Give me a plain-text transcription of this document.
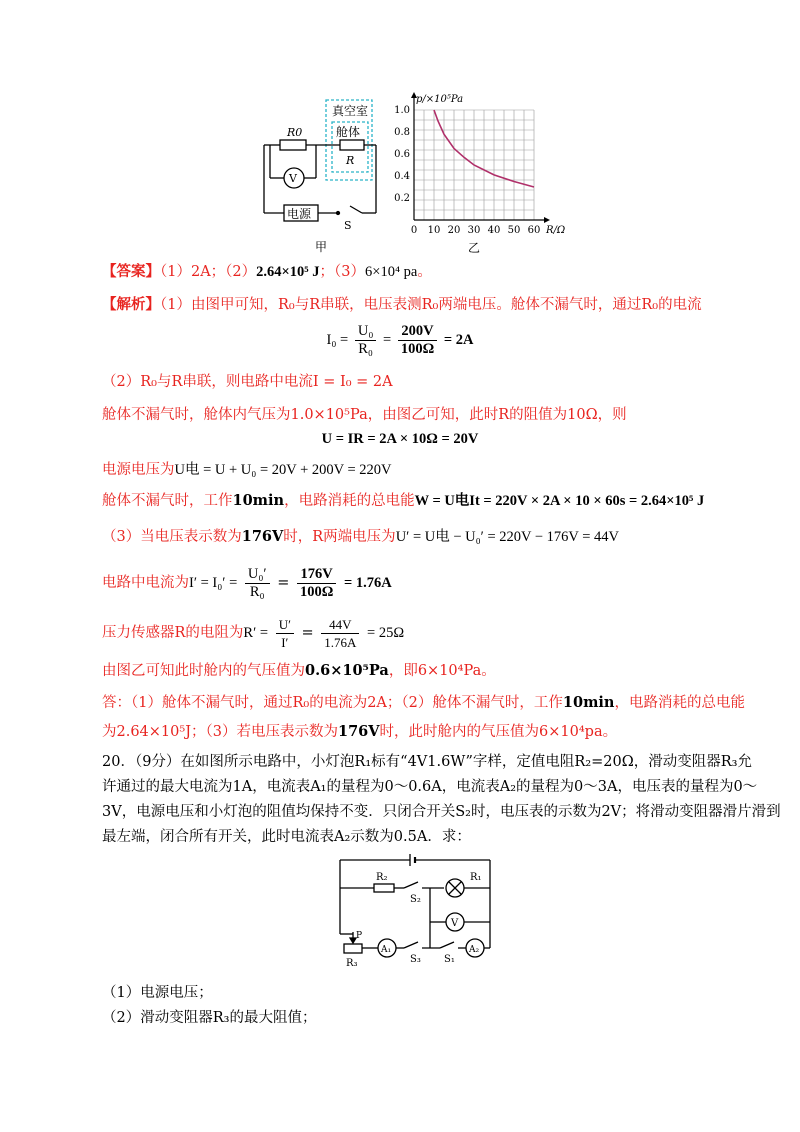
真空室
舱体
R0
R
V
电源
S
甲
0 10 20 30 40 50 60
0.2
0.4
0.6
0.8
1.0
p/×10⁵Pa
R/Ω
乙
【答案】（1）2A；（2）2.64×10⁵ J；（3）6×10⁴ pa。
【解析】（1）由图甲可知，R₀与R串联，电压表测R₀两端电压。舱体不漏气时，通过R₀的电流
$I_0 = \frac{\text{U₀}}{\text{R₀}} = \frac{200V}{100\Omega} = 2A$
（2）R₀与R串联，则电路中电流I = I₀ = 2A
舱体不漏气时，舱体内气压为1.0×10⁵Pa，由图乙可知，此时R的阻值为10Ω，则
U = IR = 2A × 10Ω = 20V
电源电压为U电 = U + U₀ = 20V + 200V = 220V
舱体不漏气时，工作10min，电路消耗的总电能W = U电It = 220V × 2A × 10 × 60s = 2.64×10⁵ J
（3）当电压表示数为176V时，R两端电压为U′ = U电 − U₀′ = 220V − 176V = 44V
电路中电流为$I' = I_0' = \frac{\text{U₀′}}{\text{R₀}} = \frac{176V}{100\Omega} = 1.76A$
压力传感器R的电阻为$R' = \frac{U'}{I'} = \frac{44V}{1.76A} = 25\Omega$
由图乙可知此时舱内的气压值为0.6×10⁵Pa，即6×10⁴Pa。
答：（1）舱体不漏气时，通过R₀的电流为2A；（2）舱体不漏气时，工作10min，电路消耗的总电能
为2.64×10⁵J；（3）若电压表示数为176V时，此时舱内的气压值为6×10⁴pa。
20．（9分）在如图所示电路中，小灯泡R₁标有“4V1.6W”字样，定值电阻R₂=20Ω，滑动变阻器R₃允
许通过的最大电流为1A，电流表A₁的量程为0～0.6A，电流表A₂的量程为0～3A，电压表的量程为0～
3V，电源电压和小灯泡的阻值均保持不变．只闭合开关S₂时，电压表的示数为2V；将滑动变阻器滑片滑到
最左端，闭合所有开关，此时电流表A₂示数为0.5A．求：
R₂	R₁
S₂
V
P
A₁	A₂
R₃	S₃ S₁
（1）电源电压；
（2）滑动变阻器R₃的最大阻值；
